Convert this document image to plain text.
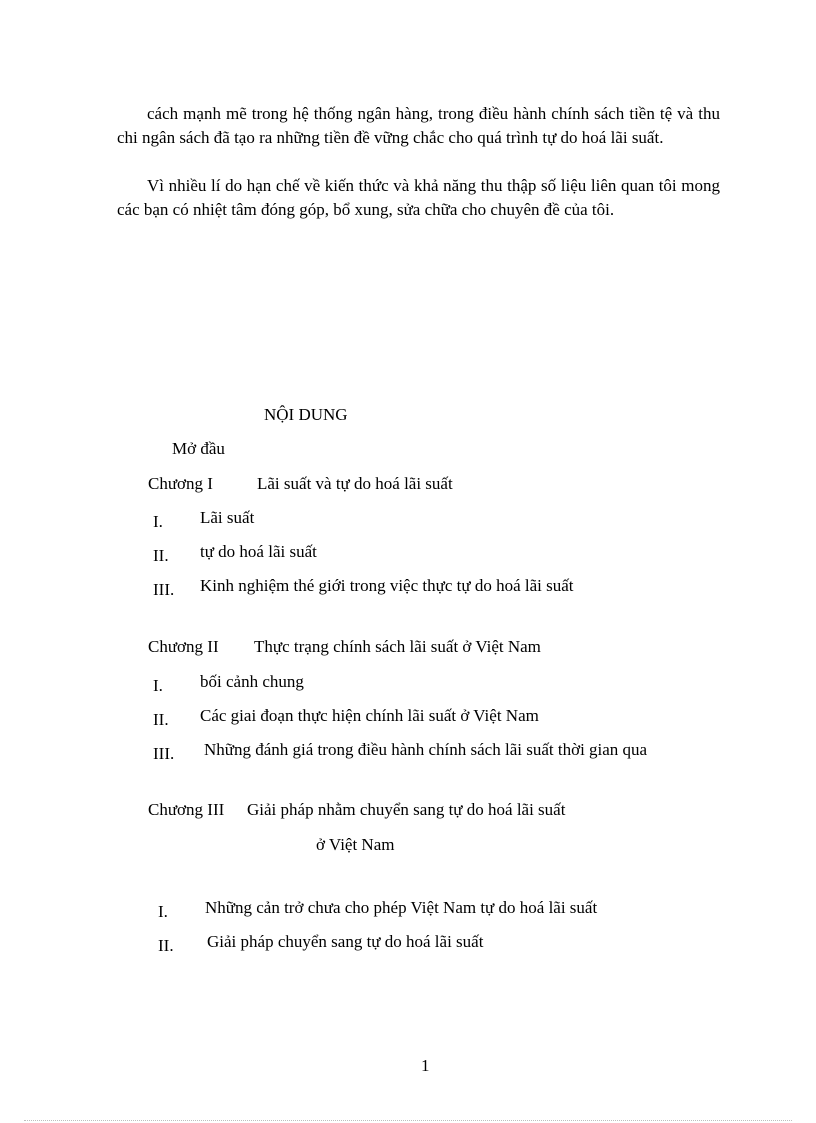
cách mạnh mẽ trong hệ thống ngân hàng, trong điều hành chính sách tiền tệ và thu chi ngân sách đã tạo ra những tiền đề vững chắc cho quá trình tự do hoá lãi suất.

Vì nhiều lí do hạn chế về kiến thức và khả năng thu thập số liệu liên quan tôi mong các bạn có nhiệt tâm đóng góp, bổ xung, sửa chữa cho chuyên đề của tôi.

NỘI DUNG
Mở đầu
Chương I	Lãi suất và tự do hoá lãi suất
I. Lãi suất
II. tự do hoá lãi suất
III. Kinh nghiệm thé giới trong việc thực tự do hoá lãi suất
Chương II Thực trạng chính sách lãi suất ở Việt Nam
I. bối cảnh chung
II. Các giai đoạn thực hiện chính lãi suất ở Việt Nam
III. Những đánh giá trong điều hành chính sách lãi suất thời gian qua
Chương III Giải pháp nhằm chuyển sang tự do hoá lãi suất
ở Việt Nam
I. Những cản trở chưa cho phép Việt Nam tự do hoá lãi suất
II. Giải pháp chuyển sang tự do hoá lãi suất
1
